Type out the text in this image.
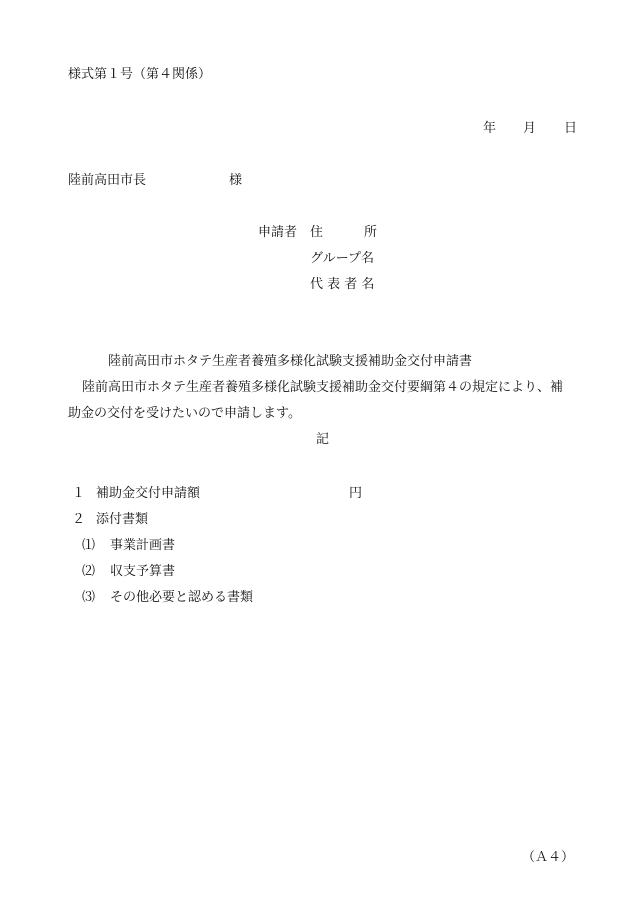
様式第１号（第４関係）
年 月 日
陸前高田市長	様
申請者 住	所
グループ名
代 表 者 名
陸前高田市ホタテ生産者養殖多様化試験支援補助金交付申請書
陸前高田市ホタテ生産者養殖多様化試験支援補助金交付要綱第４の規定により、補
助金の交付を受けたいので申請します。
記
１ 補助金交付申請額	円
２ 添付書類
⑴ 事業計画書
⑵ 収支予算書
⑶ その他必要と認める書類
（Ａ４）
